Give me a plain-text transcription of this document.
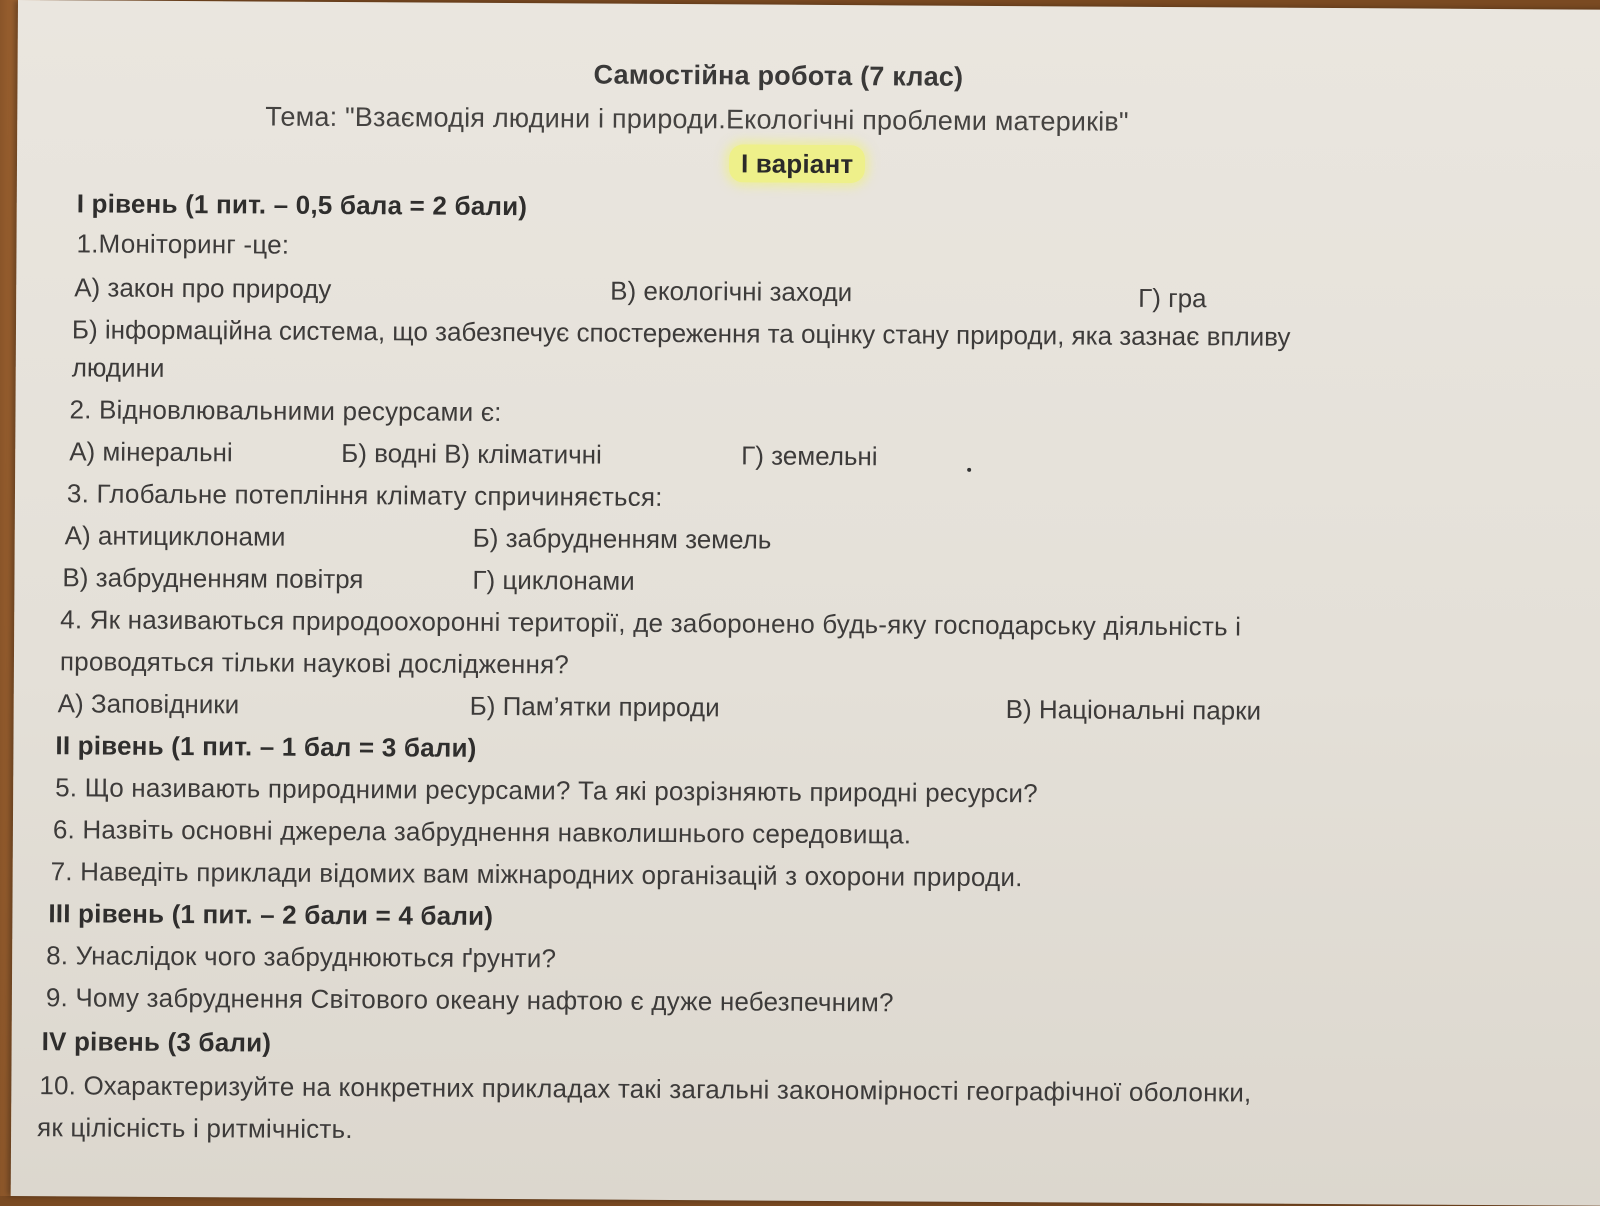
Самостійна робота (7 клас)
Тема: "Взаємодія людини і природи.Екологічні проблеми материків"
І варіант
І рівень (1 пит. – 0,5 бала = 2 бали)
1.Моніторинг -це:
А) закон про природу	В) екологічні заходи	Г) гра
Б) інформаційна система, що забезпечує спостереження та оцінку стану природи, яка зазнає впливу
людини
2. Відновлювальними ресурсами є:
А) мінеральні	Б) водні В) кліматичні	Г) земельні
3. Глобальне потепління клімату спричиняється:
А) антициклонами	Б) забрудненням земель
В) забрудненням повітря	Г) циклонами
4. Як називаються природоохоронні території, де заборонено будь-яку господарську діяльність і
проводяться тільки наукові дослідження?
А) Заповідники	Б) Пам’ятки природи	В) Національні парки
ІІ рівень (1 пит. – 1 бал = 3 бали)
5. Що називають природними ресурсами? Та які розрізняють природні ресурси?
6. Назвіть основні джерела забруднення навколишнього середовища.
7. Наведіть приклади відомих вам міжнародних організацій з охорони природи.
ІІІ рівень (1 пит. – 2 бали = 4 бали)
8. Унаслідок чого забруднюються ґрунти?
9. Чому забруднення Світового океану нафтою є дуже небезпечним?
IV рівень (3 бали)
10. Охарактеризуйте на конкретних прикладах такі загальні закономірності географічної оболонки,
як цілісність і ритмічність.
